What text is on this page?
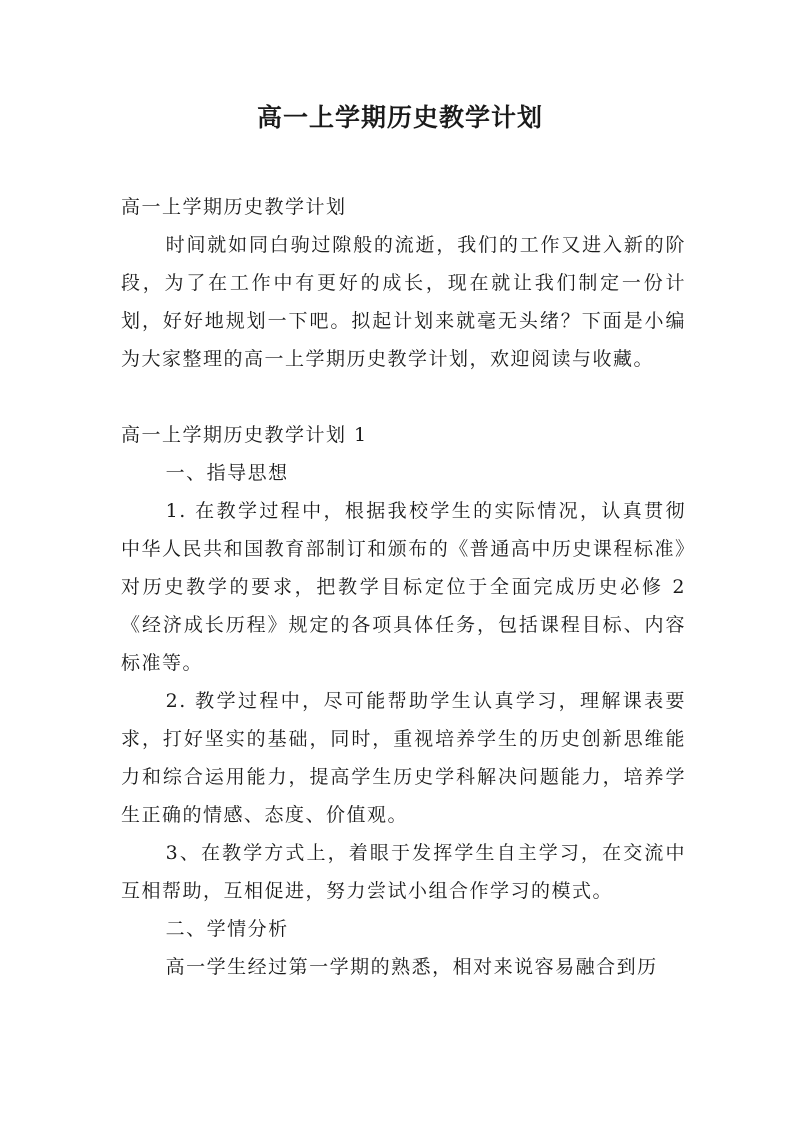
高一上学期历史教学计划

高一上学期历史教学计划

时间就如同白驹过隙般的流逝，我们的工作又进入新的阶段，为了在工作中有更好的成长，现在就让我们制定一份计划，好好地规划一下吧。拟起计划来就毫无头绪？下面是小编为大家整理的高一上学期历史教学计划，欢迎阅读与收藏。

高一上学期历史教学计划 1

一、指导思想

1. 在教学过程中，根据我校学生的实际情况，认真贯彻中华人民共和国教育部制订和颁布的《普通高中历史课程标准》对历史教学的要求，把教学目标定位于全面完成历史必修 2《经济成长历程》规定的各项具体任务，包括课程目标、内容标准等。

2. 教学过程中，尽可能帮助学生认真学习，理解课表要求，打好坚实的基础，同时，重视培养学生的历史创新思维能力和综合运用能力，提高学生历史学科解决问题能力，培养学生正确的情感、态度、价值观。

3、在教学方式上，着眼于发挥学生自主学习，在交流中互相帮助，互相促进，努力尝试小组合作学习的模式。

二、学情分析

高一学生经过第一学期的熟悉，相对来说容易融合到历
